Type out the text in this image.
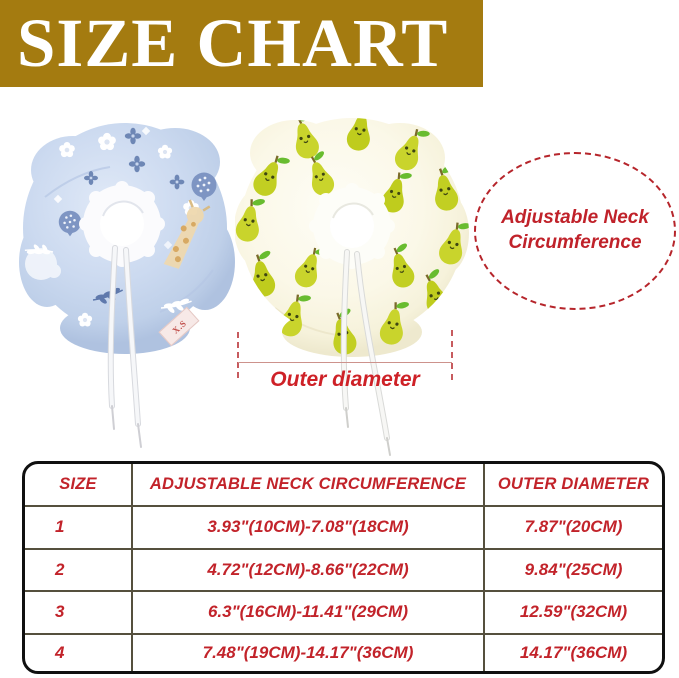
SIZE CHART
X.S
Adjustable Neck
Circumference
Outer diameter
SIZE	ADJUSTABLE NECK CIRCUMFERENCE	OUTER DIAMETER
1	3.93"(10CM)-7.08"(18CM)	7.87"(20CM)
2	4.72"(12CM)-8.66"(22CM)	9.84"(25CM)
3	6.3"(16CM)-11.41"(29CM)	12.59"(32CM)
4	7.48"(19CM)-14.17"(36CM)	14.17"(36CM)
